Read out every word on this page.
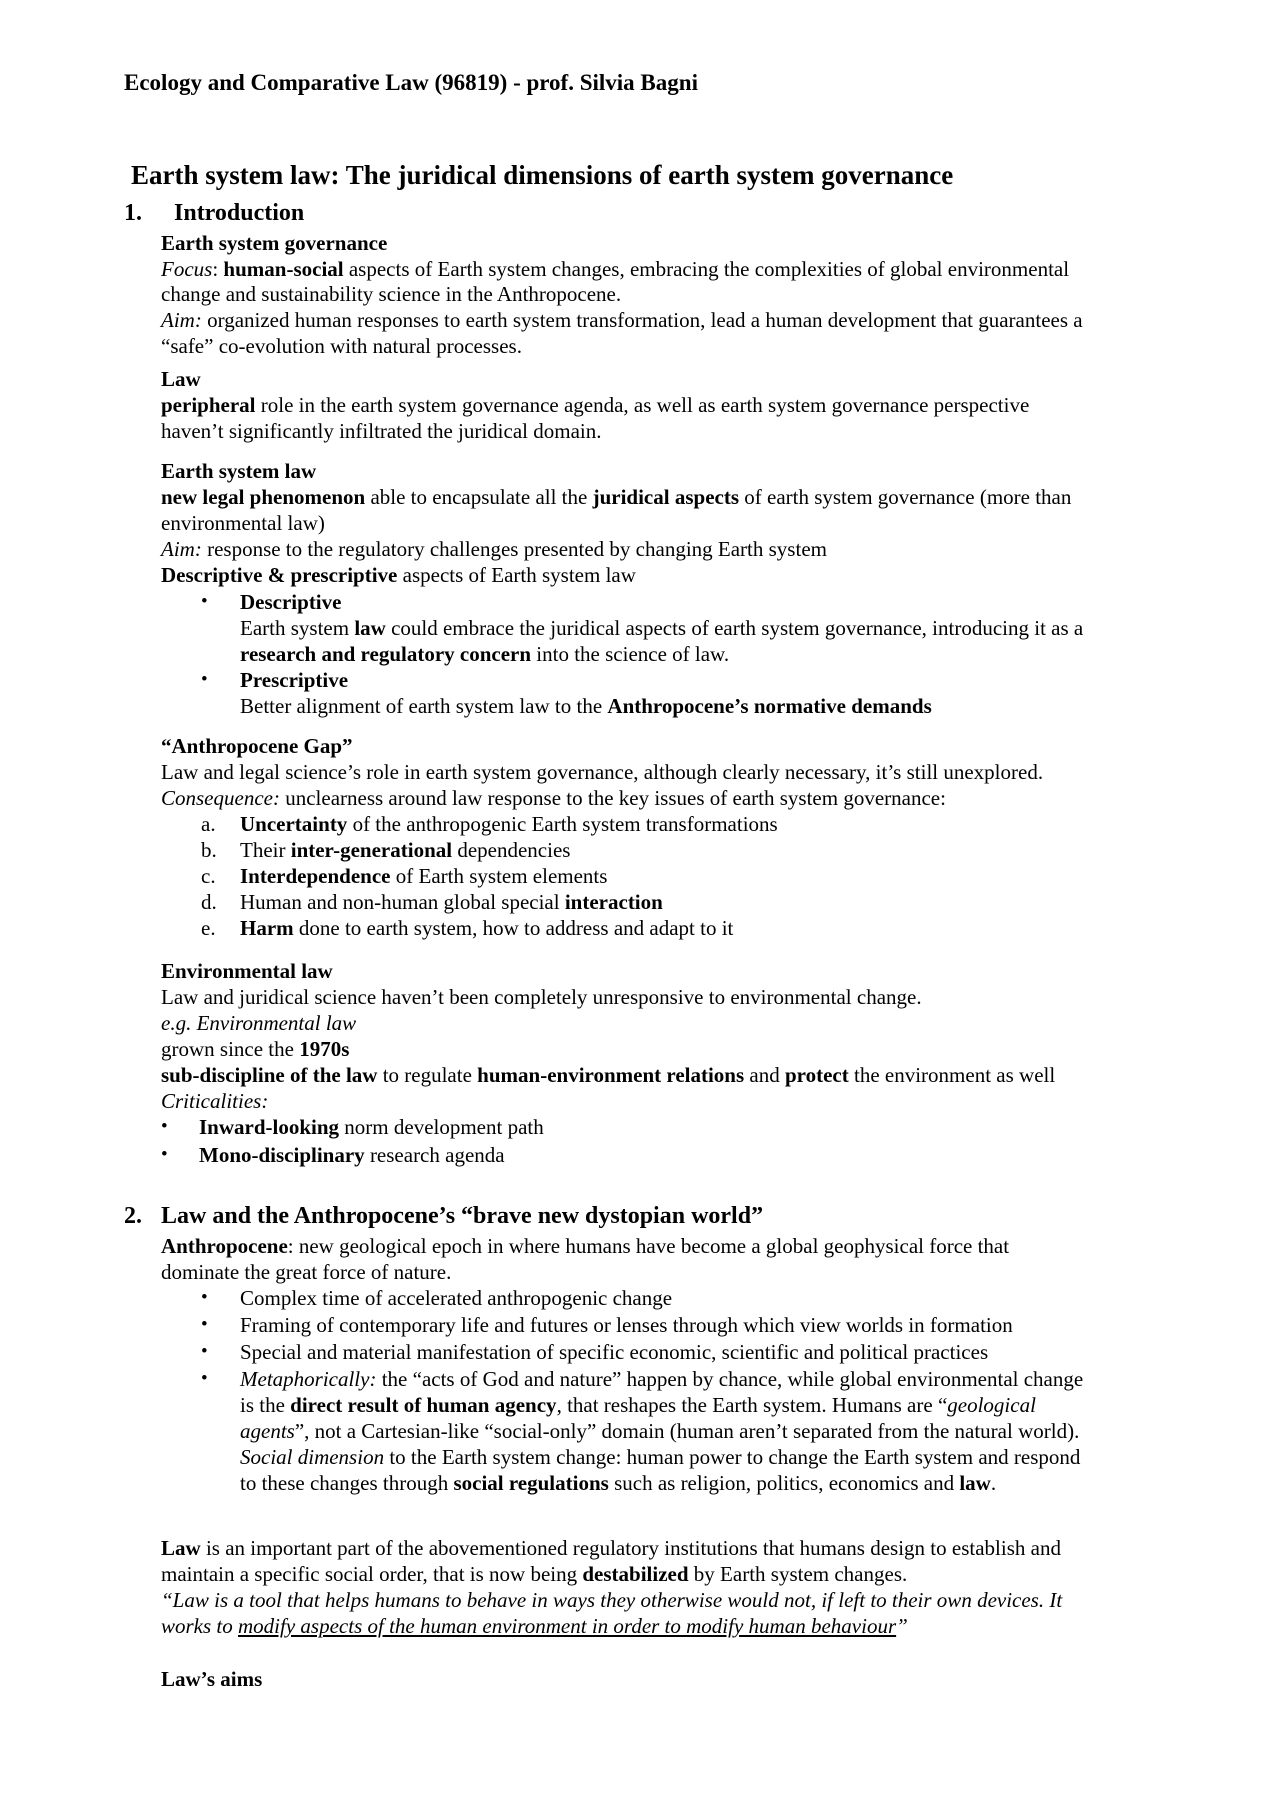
Ecology and Comparative Law (96819) - prof. Silvia Bagni
Earth system law: The juridical dimensions of earth system governance
1. Introduction
Earth system governance
Focus: human-social aspects of Earth system changes, embracing the complexities of global environmental
change and sustainability science in the Anthropocene.
Aim: organized human responses to earth system transformation, lead a human development that guarantees a
“safe” co-evolution with natural processes.
Law
peripheral role in the earth system governance agenda, as well as earth system governance perspective
haven’t significantly infiltrated the juridical domain.
Earth system law
new legal phenomenon able to encapsulate all the juridical aspects of earth system governance (more than
environmental law)
Aim: response to the regulatory challenges presented by changing Earth system
Descriptive & prescriptive aspects of Earth system law
• Descriptive
Earth system law could embrace the juridical aspects of earth system governance, introducing it as a
research and regulatory concern into the science of law.
• Prescriptive
Better alignment of earth system law to the Anthropocene’s normative demands
“Anthropocene Gap”
Law and legal science’s role in earth system governance, although clearly necessary, it’s still unexplored.
Consequence: unclearness around law response to the key issues of earth system governance:
a. Uncertainty of the anthropogenic Earth system transformations
b. Their inter-generational dependencies
c. Interdependence of Earth system elements
d. Human and non-human global special interaction
e. Harm done to earth system, how to address and adapt to it
Environmental law
Law and juridical science haven’t been completely unresponsive to environmental change.
e.g. Environmental law
grown since the 1970s
sub-discipline of the law to regulate human-environment relations and protect the environment as well
Criticalities:
• Inward-looking norm development path
• Mono-disciplinary research agenda
2. Law and the Anthropocene’s “brave new dystopian world”
Anthropocene: new geological epoch in where humans have become a global geophysical force that
dominate the great force of nature.
• Complex time of accelerated anthropogenic change
• Framing of contemporary life and futures or lenses through which view worlds in formation
• Special and material manifestation of specific economic, scientific and political practices
• Metaphorically: the “acts of God and nature” happen by chance, while global environmental change
is the direct result of human agency, that reshapes the Earth system. Humans are “geological
agents”, not a Cartesian-like “social-only” domain (human aren’t separated from the natural world).
Social dimension to the Earth system change: human power to change the Earth system and respond
to these changes through social regulations such as religion, politics, economics and law.
Law is an important part of the abovementioned regulatory institutions that humans design to establish and
maintain a specific social order, that is now being destabilized by Earth system changes.
“Law is a tool that helps humans to behave in ways they otherwise would not, if left to their own devices. It
works to modify aspects of the human environment in order to modify human behaviour”
Law’s aims
